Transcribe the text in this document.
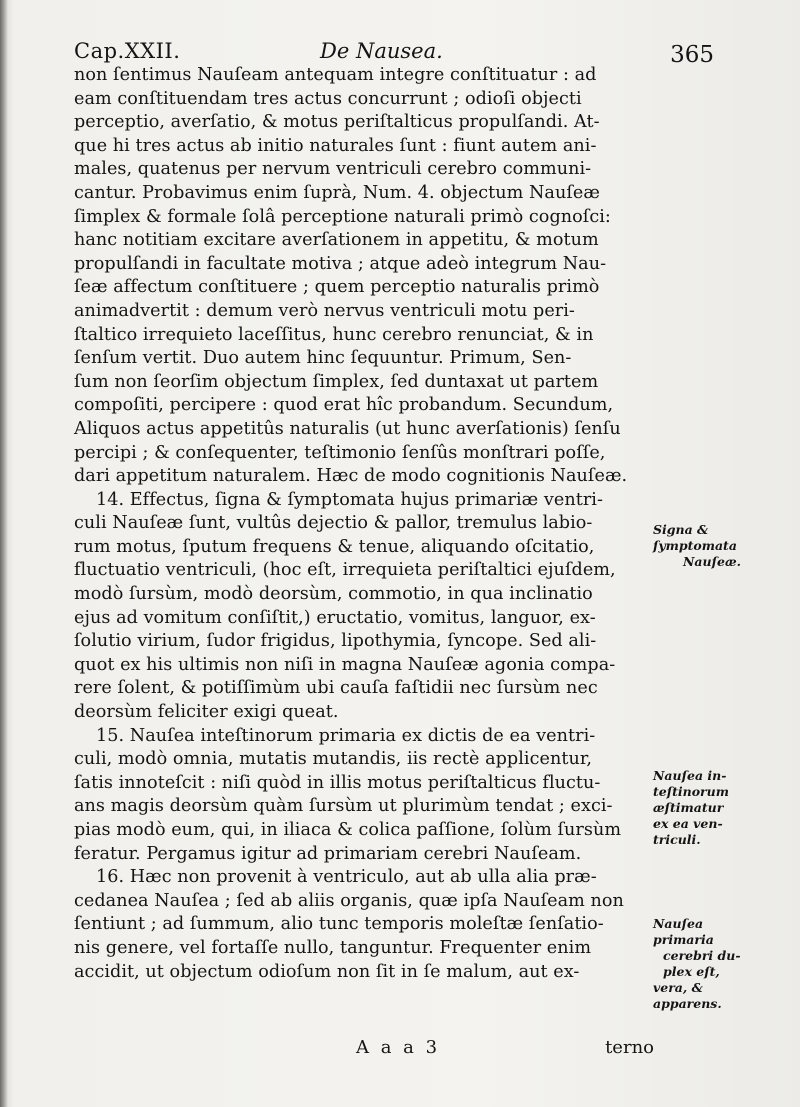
Cap.XXII.	De Nausea.	365
non ſentimus Nauſeam antequam integre conſtituatur : ad
eam conſtituendam tres actus concurrunt ; odioſi objecti
perceptio, averſatio, & motus periſtalticus propulſandi. At-
que hi tres actus ab initio naturales ſunt : fiunt autem ani-
males, quatenus per nervum ventriculi cerebro communi-
cantur. Probavimus enim ſuprà, Num. 4. objectum Nauſeæ
ſimplex & formale ſolâ perceptione naturali primò cognoſci:
hanc notitiam excitare averſationem in appetitu, & motum
propulſandi in facultate motiva ; atque adeò integrum Nau-
ſeæ affectum conſtituere ; quem perceptio naturalis primò
animadvertit : demum verò nervus ventriculi motu peri-
ſtaltico irrequieto laceſſitus, hunc cerebro renunciat, & in
ſenſum vertit. Duo autem hinc ſequuntur. Primum, Sen-
ſum non ſeorſim objectum ſimplex, ſed duntaxat ut partem
compoſiti, percipere : quod erat hîc probandum. Secundum,
Aliquos actus appetitûs naturalis (ut hunc averſationis) ſenſu
percipi ; & conſequenter, teſtimonio ſenſûs monſtrari poſſe,
dari appetitum naturalem. Hæc de modo cognitionis Nauſeæ.
14. Effectus, ſigna & ſymptomata hujus primariæ ventri-
culi Nauſeæ ſunt, vultûs dejectio & pallor, tremulus labio-
rum motus, ſputum frequens & tenue, aliquando oſcitatio,
fluctuatio ventriculi, (hoc eſt, irrequieta periſtaltici ejuſdem,
modò ſursùm, modò deorsùm, commotio, in qua inclinatio
ejus ad vomitum conſiſtit,) eructatio, vomitus, languor, ex-
ſolutio virium, ſudor frigidus, lipothymia, ſyncope. Sed ali-
quot ex his ultimis non niſi in magna Nauſeæ agonia compa-
rere ſolent, & potiſſimùm ubi cauſa faſtidii nec ſursùm nec
deorsùm feliciter exigi queat.
15. Nauſea inteſtinorum primaria ex dictis de ea ventri-
culi, modò omnia, mutatis mutandis, iis rectè applicentur,
ſatis innoteſcit : niſi quòd in illis motus periſtalticus fluctu-
ans magis deorsùm quàm ſursùm ut plurimùm tendat ; exci-
pias modò eum, qui, in iliaca & colica paſſione, ſolùm ſursùm
feratur. Pergamus igitur ad primariam cerebri Nauſeam.
16. Hæc non provenit à ventriculo, aut ab ulla alia præ-
cedanea Nauſea ; ſed ab aliis organis, quæ ipſa Nauſeam non
ſentiunt ; ad ſummum, alio tunc temporis moleſtæ ſenſatio-
nis genere, vel fortaſſe nullo, tanguntur. Frequenter enim
accidit, ut objectum odioſum non ſit in ſe malum, aut ex-
Signa &
ſymptomata
Nauſeæ.
Nauſea in-
teſtinorum
æſtimatur
ex ea ven-
triculi.
Nauſea
primaria
cerebri du-
plex eſt,
vera, &
apparens.
A a a 3	terno
